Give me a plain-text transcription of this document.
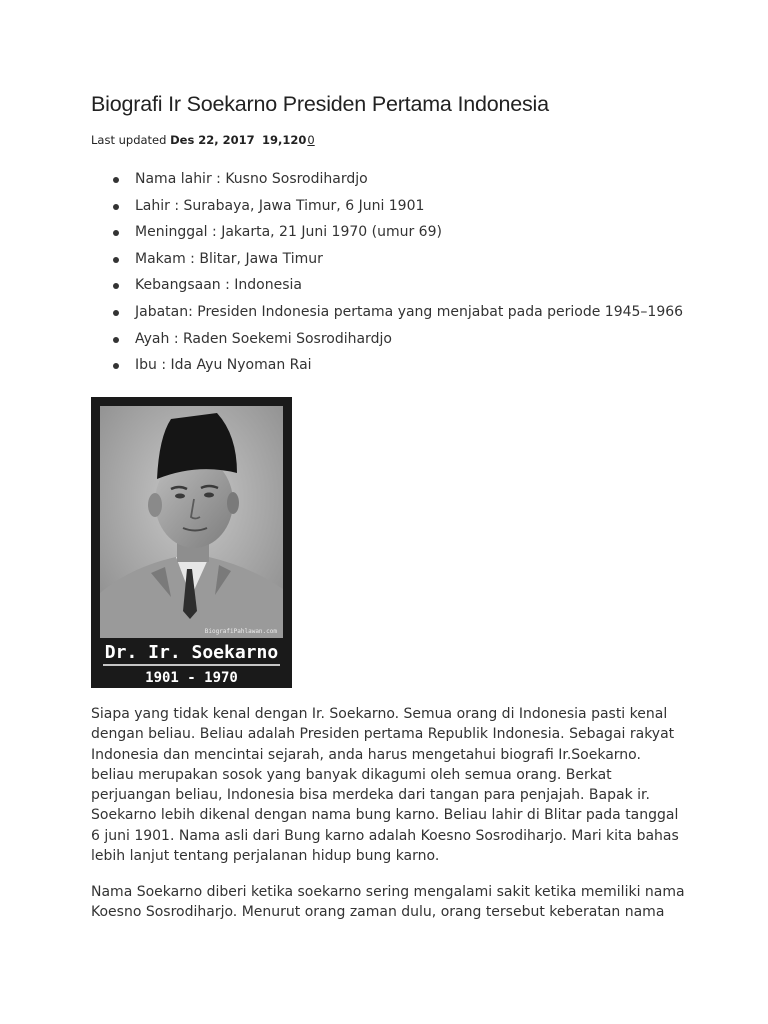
Biografi Ir Soekarno Presiden Pertama Indonesia
Last updated Des 22, 2017 19,1200
Nama lahir : Kusno Sosrodihardjo
Lahir : Surabaya, Jawa Timur, 6 Juni 1901
Meninggal : Jakarta, 21 Juni 1970 (umur 69)
Makam : Blitar, Jawa Timur
Kebangsaan : Indonesia
Jabatan: Presiden Indonesia pertama yang menjabat pada periode 1945–1966
Ayah : Raden Soekemi Sosrodihardjo
Ibu : Ida Ayu Nyoman Rai
BiografiPahlawan.com
Dr. Ir. Soekarno
1901 - 1970

Siapa yang tidak kenal dengan Ir. Soekarno. Semua orang di Indonesia pasti kenal dengan beliau. Beliau adalah Presiden pertama Republik Indonesia. Sebagai rakyat Indonesia dan mencintai sejarah, anda harus mengetahui biografi Ir.Soekarno. beliau merupakan sosok yang banyak dikagumi oleh semua orang. Berkat perjuangan beliau, Indonesia bisa merdeka dari tangan para penjajah. Bapak ir. Soekarno lebih dikenal dengan nama bung karno. Beliau lahir di Blitar pada tanggal 6 juni 1901. Nama asli dari Bung karno adalah Koesno Sosrodiharjo. Mari kita bahas lebih lanjut tentang perjalanan hidup bung karno.

Nama Soekarno diberi ketika soekarno sering mengalami sakit ketika memiliki nama Koesno Sosrodiharjo. Menurut orang zaman dulu, orang tersebut keberatan nama
